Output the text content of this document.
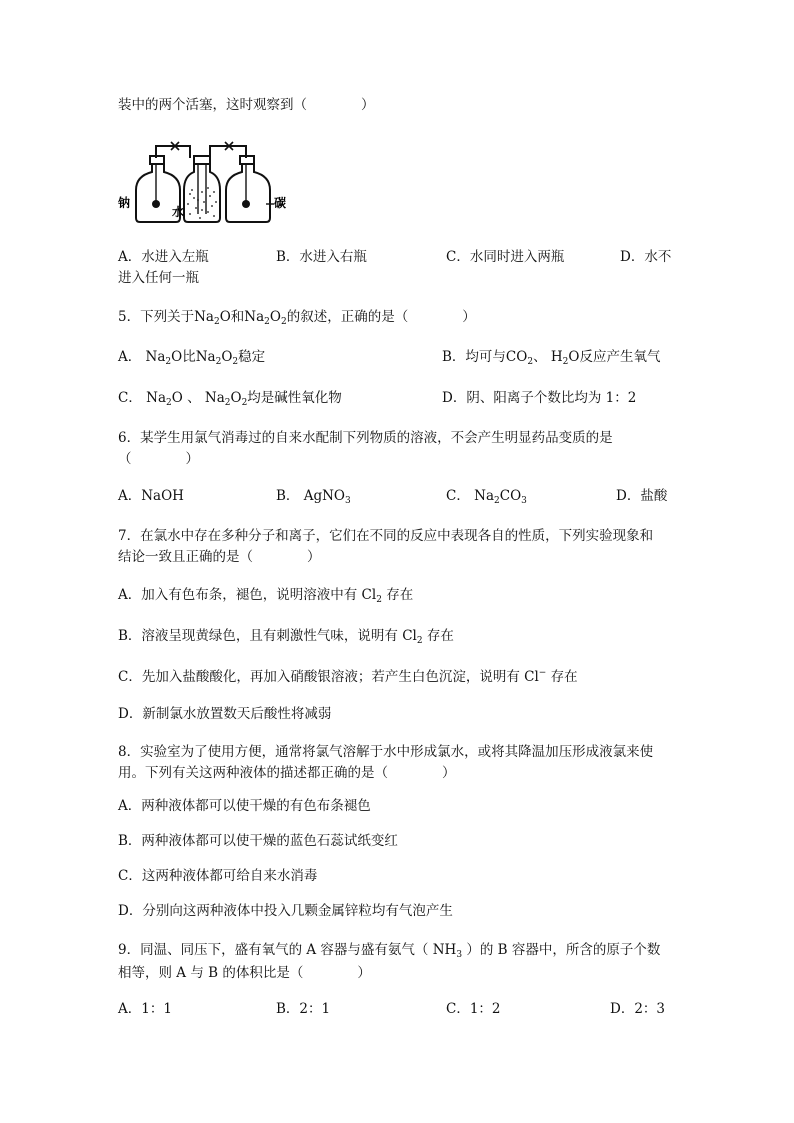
装中的两个活塞，这时观察到（　　　　）
钠
水
碳
A．水进入左瓶	B．水进入右瓶	C．水同时进入两瓶	D．水不
进入任何一瓶
5．下列关于$Na_2O$和$Na_2O_2$的叙述，正确的是（　　　　）
A． $Na_2O$比$Na_2O_2$稳定	B．均可与$CO_2$、 $H_2O$反应产生氧气
C． $Na_2O$ 、 $Na_2O_2$均是碱性氧化物	D．阴、阳离子个数比均为 1：2
6．某学生用氯气消毒过的自来水配制下列物质的溶液，不会产生明显药品变质的是
（　　　　）
A．NaOH	B． AgNO$_3$	C． $Na_2CO_3$	D．盐酸
7．在氯水中存在多种分子和离子，它们在不同的反应中表现各自的性质，下列实验现象和
结论一致且正确的是（　　　　）
A．加入有色布条，褪色，说明溶液中有 $Cl_2$ 存在
B．溶液呈现黄绿色，且有刺激性气味，说明有 $Cl_2$ 存在
C．先加入盐酸酸化，再加入硝酸银溶液；若产生白色沉淀，说明有 Cl− 存在
D．新制氯水放置数天后酸性将减弱
8．实验室为了使用方便，通常将氯气溶解于水中形成氯水，或将其降温加压形成液氯来使
用。下列有关这两种液体的描述都正确的是（　　　　）
A．两种液体都可以使干燥的有色布条褪色
B．两种液体都可以使干燥的蓝色石蕊试纸变红
C．这两种液体都可给自来水消毒
D．分别向这两种液体中投入几颗金属锌粒均有气泡产生
9．同温、同压下，盛有氧气的 A 容器与盛有氨气（ $NH_3$ ）的 B 容器中，所含的原子个数
相等，则 A 与 B 的体积比是（　　　　）
A．1：1	B．2：1	C．1：2	D．2：3
